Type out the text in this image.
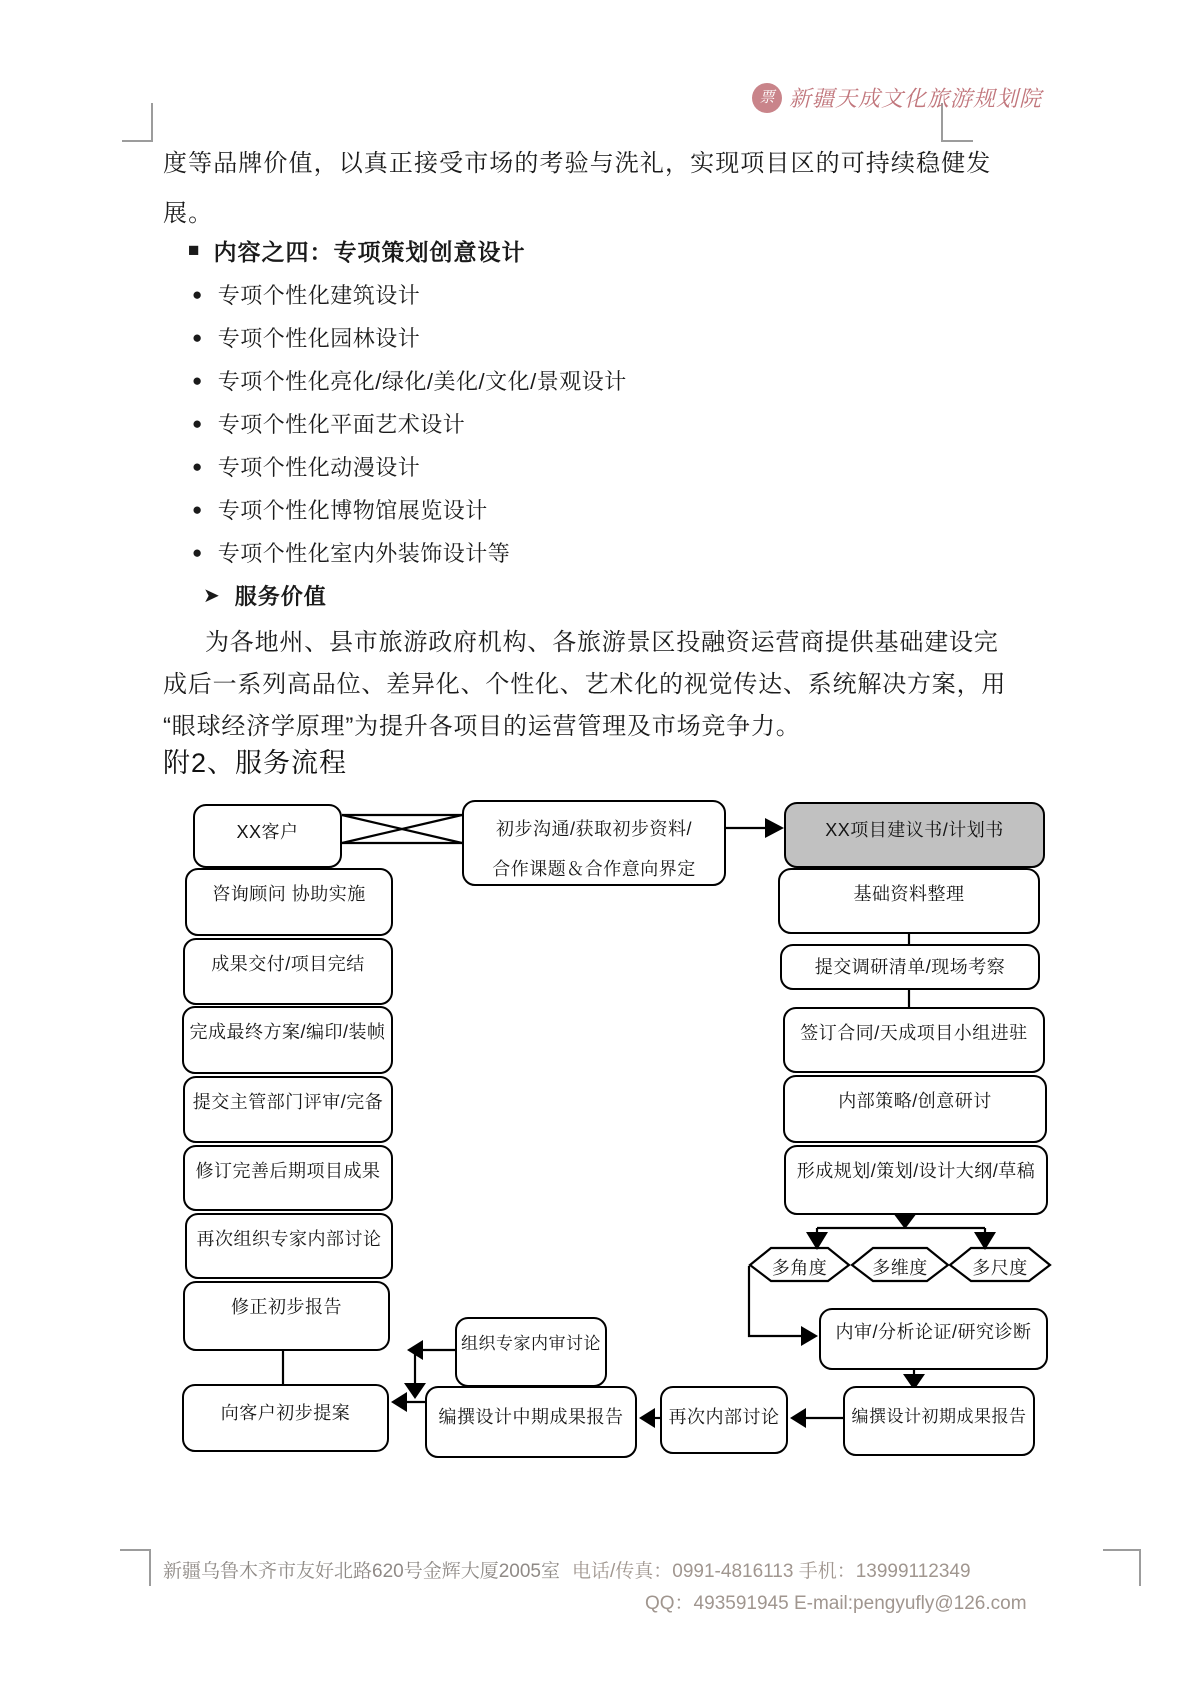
票 新疆天成文化旅游规划院
度等品牌价值，以真正接受市场的考验与洗礼，实现项目区的可持续稳健发
展。
■ 内容之四：专项策划创意设计
● 专项个性化建筑设计
● 专项个性化园林设计
● 专项个性化亮化/绿化/美化/文化/景观设计
● 专项个性化平面艺术设计
● 专项个性化动漫设计
● 专项个性化博物馆展览设计
● 专项个性化室内外装饰设计等
➤ 服务价值
为各地州、县市旅游政府机构、各旅游景区投融资运营商提供基础建设完
成后一系列高品位、差异化、个性化、艺术化的视觉传达、系统解决方案，用
“眼球经济学原理”为提升各项目的运营管理及市场竞争力。
附2、服务流程
XX客户
咨询顾问 协助实施
成果交付/项目完结
完成最终方案/编印/装帧
提交主管部门评审/完备
修订完善后期项目成果
再次组织专家内部讨论
修正初步报告
向客户初步提案
初步沟通/获取初步资料/
合作课题＆合作意向界定
XX项目建议书/计划书
基础资料整理
提交调研清单/现场考察
签订合同/天成项目小组进驻
内部策略/创意研讨
形成规划/策划/设计大纲/草稿
多角度	多维度	多尺度
内审/分析论证/研究诊断
编撰设计初期成果报告
再次内部讨论
编撰设计中期成果报告
组织专家内审讨论
新疆乌鲁木齐市友好北路620号金辉大厦2005室 电话/传真：0991-4816113 手机：13999112349
QQ：493591945 E-mail:pengyufly@126.com
